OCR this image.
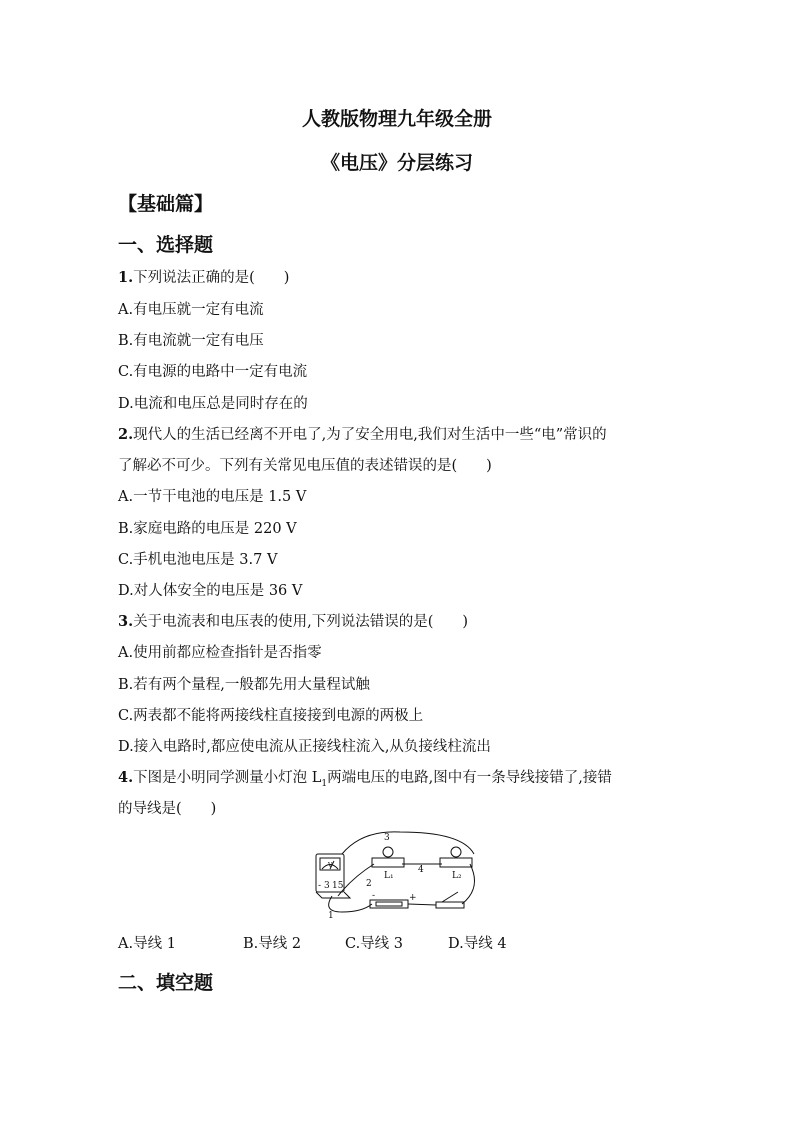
人教版物理九年级全册
《电压》分层练习
【基础篇】
一、选择题
1.下列说法正确的是(　　)
A.有电压就一定有电流
B.有电流就一定有电压
C.有电源的电路中一定有电流
D.电流和电压总是同时存在的
2.现代人的生活已经离不开电了,为了安全用电,我们对生活中一些“电”常识的
了解必不可少。下列有关常见电压值的表述错误的是(　　)
A.一节干电池的电压是 1.5 V
B.家庭电路的电压是 220 V
C.手机电池电压是 3.7 V
D.对人体安全的电压是 36 V
3.关于电流表和电压表的使用,下列说法错误的是(　　)
A.使用前都应检查指针是否指零
B.若有两个量程,一般都先用大量程试触
C.两表都不能将两接线柱直接接到电源的两极上
D.接入电路时,都应使电流从正接线柱流入,从负接线柱流出
4.下图是小明同学测量小灯泡 $L_1$两端电压的电路,图中有一条导线接错了,接错
的导线是(　　)
- 3 15
V
1
2
3
4
L₁	L₂
-	+
A.导线 1	B.导线 2	C.导线 3	D.导线 4
二、填空题
